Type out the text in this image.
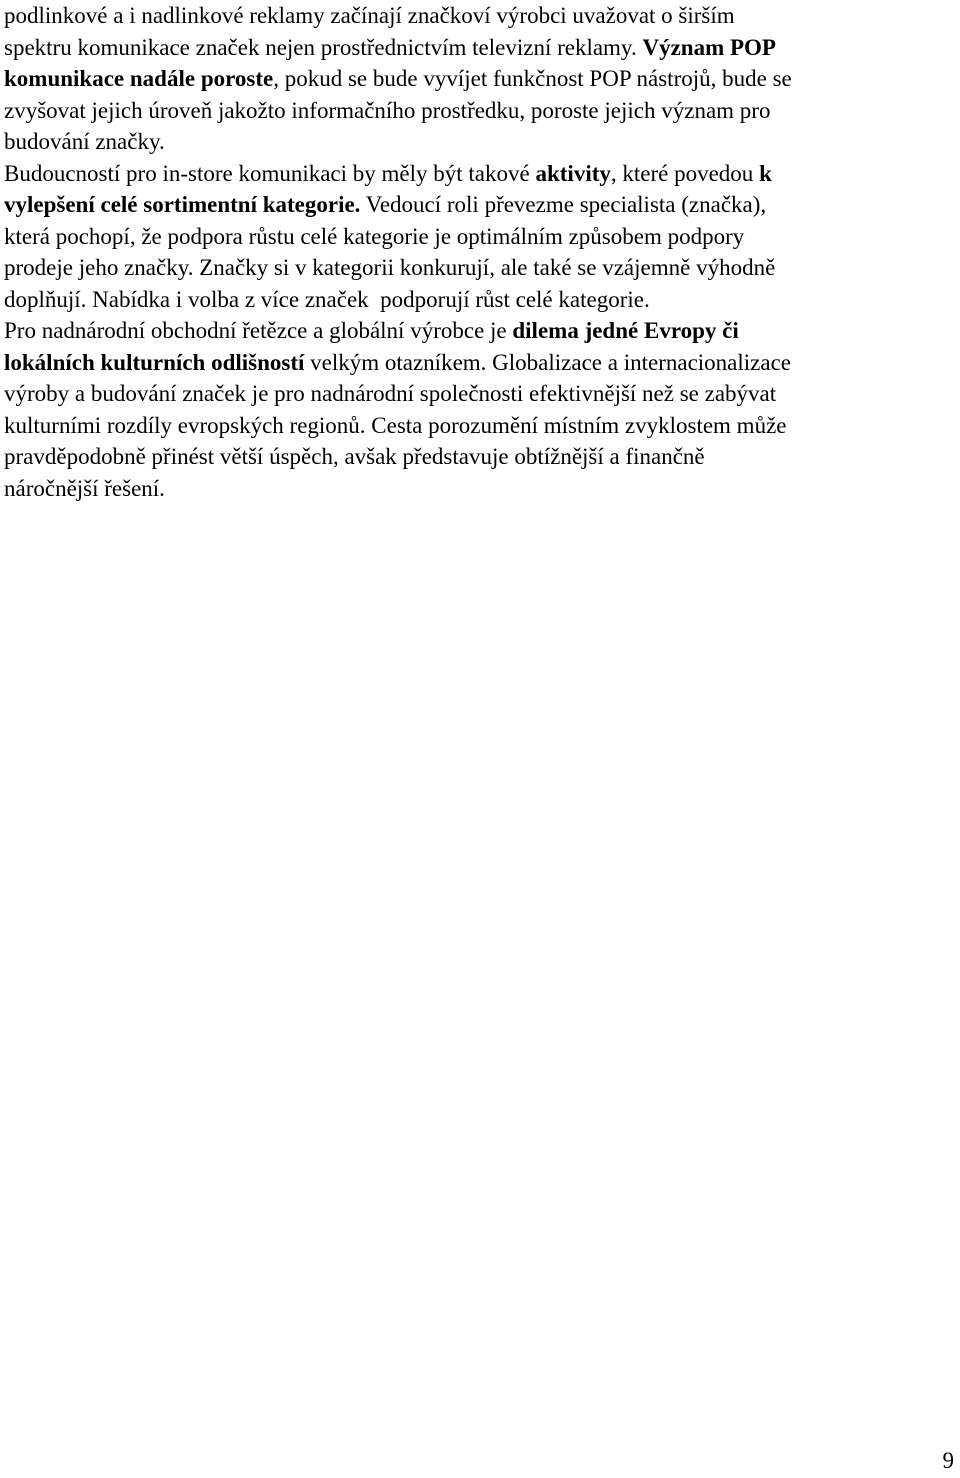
podlinkové a i nadlinkové reklamy začínají značkoví výrobci uvažovat o širším
spektru komunikace značek nejen prostřednictvím televizní reklamy. Význam POP
komunikace nadále poroste, pokud se bude vyvíjet funkčnost POP nástrojů, bude se
zvyšovat jejich úroveň jakožto informačního prostředku, poroste jejich význam pro
budování značky.

Budoucností pro in-store komunikaci by měly být takové aktivity, které povedou k
vylepšení celé sortimentní kategorie. Vedoucí roli převezme specialista (značka),
která pochopí, že podpora růstu celé kategorie je optimálním způsobem podpory
prodeje jeho značky. Značky si v kategorii konkurují, ale také se vzájemně výhodně
doplňují. Nabídka i volba z více značek  podporují růst celé kategorie.

Pro nadnárodní obchodní řetězce a globální výrobce je dilema jedné Evropy či
lokálních kulturních odlišností velkým otazníkem. Globalizace a internacionalizace
výroby a budování značek je pro nadnárodní společnosti efektivnější než se zabývat
kulturními rozdíly evropských regionů. Cesta porozumění místním zvyklostem může
pravděpodobně přinést větší úspěch, avšak představuje obtížnější a finančně
náročnější řešení.

9
